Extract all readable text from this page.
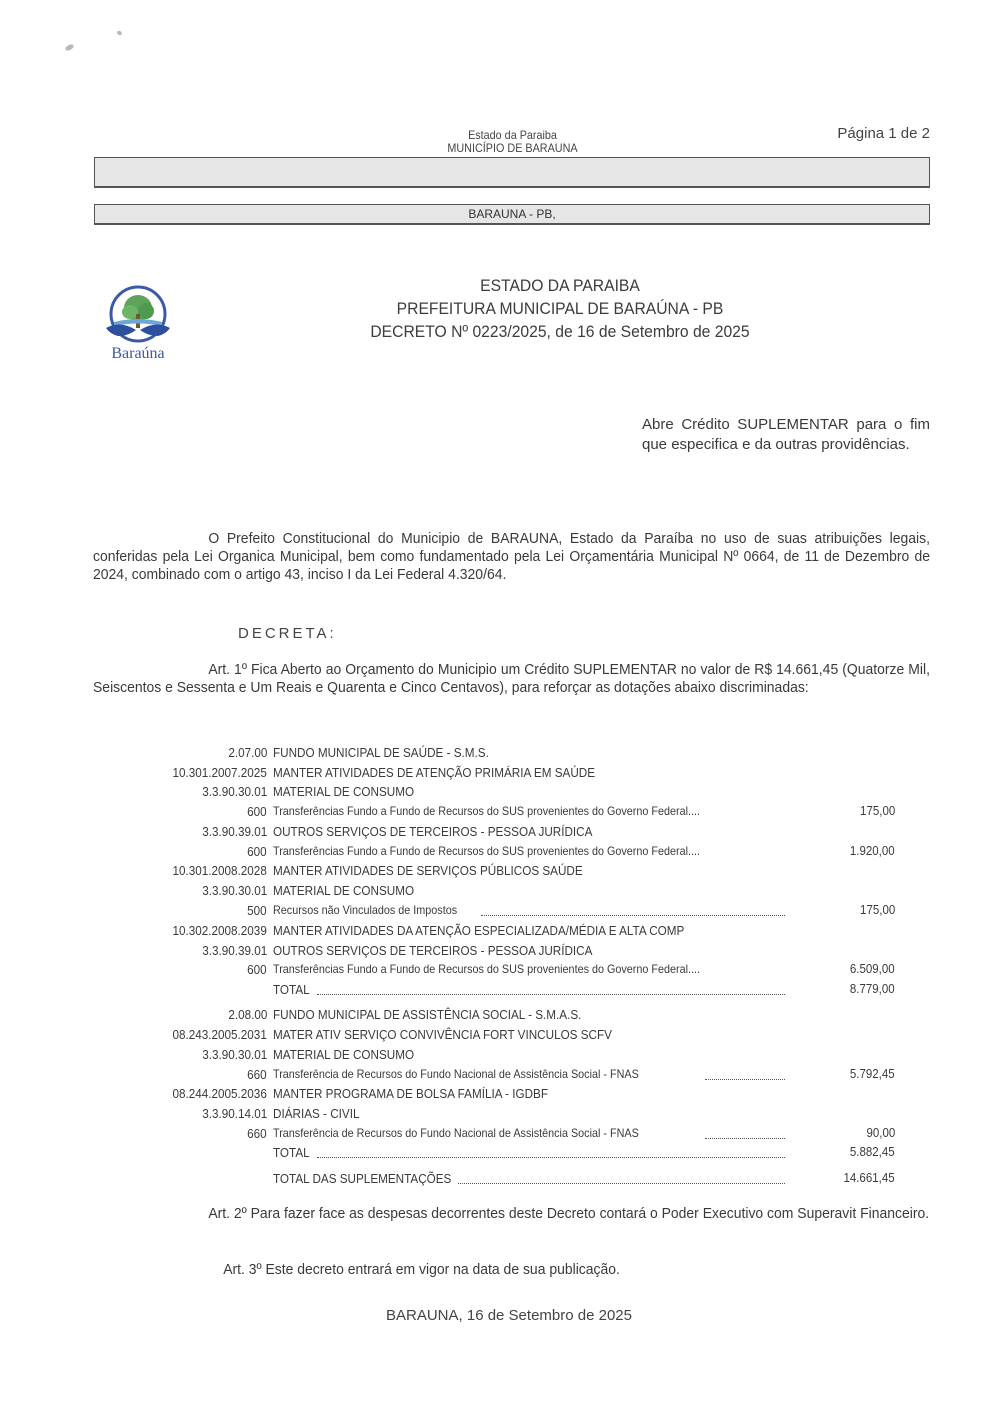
Estado da Paraiba
MUNICÍPIO DE BARAUNA
Página 1 de 2
BARAUNA - PB,
Baraúna
ESTADO DA PARAIBA
PREFEITURA MUNICIPAL DE BARAÚNA - PB
DECRETO Nº 0223/2025, de 16 de Setembro de 2025
Abre Crédito SUPLEMENTAR para o fim que especifica e da outras providências.
O Prefeito Constitucional do Municipio de BARAUNA, Estado da Paraíba no uso de suas atribuições legais, conferidas pela Lei Organica Municipal, bem como fundamentado pela Lei Orçamentária Municipal Nº 0664, de 11 de Dezembro de 2024, combinado com o artigo 43, inciso I da Lei Federal 4.320/64.
DECRETA:
Art. 1º Fica Aberto ao Orçamento do Municipio um Crédito SUPLEMENTAR no valor de R$ 14.661,45 (Quatorze Mil, Seiscentos e Sessenta e Um Reais e Quarenta e Cinco Centavos), para reforçar as dotações abaixo discriminadas:
2.07.00 FUNDO MUNICIPAL DE SAÚDE - S.M.S.
10.301.2007.2025 MANTER ATIVIDADES DE ATENÇÃO PRIMÁRIA EM SAÚDE
3.3.90.30.01 MATERIAL DE CONSUMO
600 Transferências Fundo a Fundo de Recursos do SUS provenientes do Governo Federal....	175,00
3.3.90.39.01 OUTROS SERVIÇOS DE TERCEIROS - PESSOA JURÍDICA
600 Transferências Fundo a Fundo de Recursos do SUS provenientes do Governo Federal....	1.920,00
10.301.2008.2028 MANTER ATIVIDADES DE SERVIÇOS PÚBLICOS SAÚDE
3.3.90.30.01 MATERIAL DE CONSUMO
500 Recursos não Vinculados de Impostos	175,00
10.302.2008.2039 MANTER ATIVIDADES DA ATENÇÃO ESPECIALIZADA/MÉDIA E ALTA COMP
3.3.90.39.01 OUTROS SERVIÇOS DE TERCEIROS - PESSOA JURÍDICA
600 Transferências Fundo a Fundo de Recursos do SUS provenientes do Governo Federal....	6.509,00
TOTAL	8.779,00
2.08.00 FUNDO MUNICIPAL DE ASSISTÊNCIA SOCIAL - S.M.A.S.
08.243.2005.2031 MATER ATIV SERVIÇO CONVIVÊNCIA FORT VINCULOS SCFV
3.3.90.30.01 MATERIAL DE CONSUMO
660 Transferência de Recursos do Fundo Nacional de Assistência Social - FNAS	5.792,45
08.244.2005.2036 MANTER PROGRAMA DE BOLSA FAMÍLIA - IGDBF
3.3.90.14.01 DIÁRIAS - CIVIL
660 Transferência de Recursos do Fundo Nacional de Assistência Social - FNAS	90,00
TOTAL	5.882,45
TOTAL DAS SUPLEMENTAÇÕES	14.661,45
Art. 2º Para fazer face as despesas decorrentes deste Decreto contará o Poder Executivo com Superavit Financeiro.
Art. 3º Este decreto entrará em vigor na data de sua publicação.
BARAUNA, 16 de Setembro de 2025
